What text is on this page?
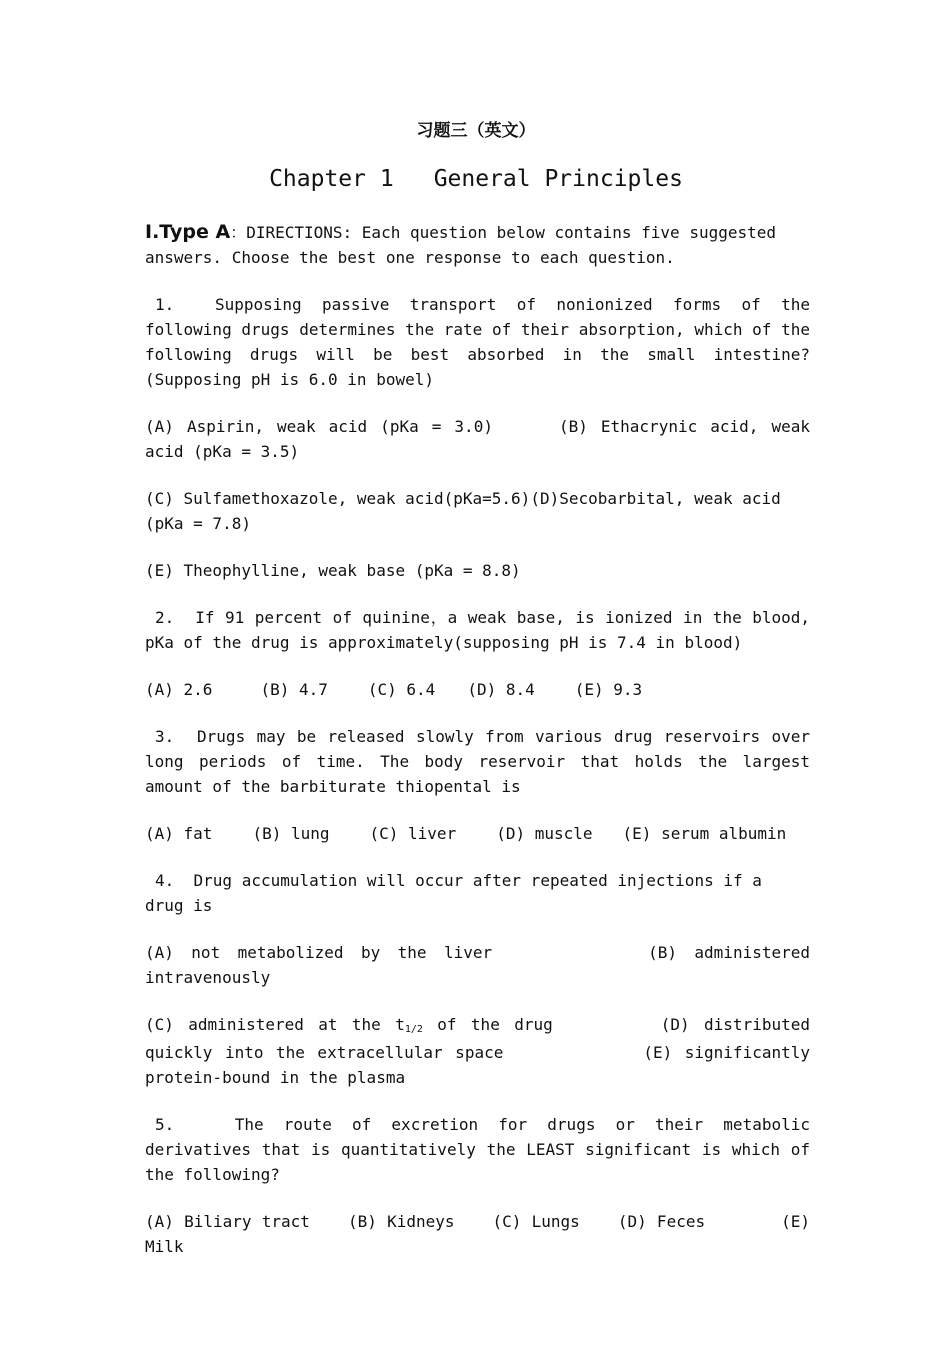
习题三（英文）
Chapter 1 General Principles

I.Type A：DIRECTIONS: Each question below contains five suggested answers. Choose the best one response to each question.

1.	Supposing passive transport of nonionized forms of the following drugs determines the rate of their absorption, which of the following drugs will be best absorbed in the small intestine?(Supposing pH is 6.0 in bowel)

(A) Aspirin, weak acid (pKa = 3.0)	(B) Ethacrynic acid, weak acid (pKa = 3.5)

(C) Sulfamethoxazole, weak acid(pKa=5.6)(D)Secobarbital, weak acid (pKa = 7.8)

(E) Theophylline, weak base (pKa = 8.8)

2. If 91 percent of quinine，a weak base, is ionized in the blood, pKa of the drug is approximately(supposing pH is 7.4 in blood)

(A) 2.6	(B) 4.7	(C) 6.4 (D) 8.4	(E) 9.3

3. Drugs may be released slowly from various drug reservoirs over long periods of time. The body reservoir that holds the largest amount of the barbiturate thiopental is

(A) fat	(B) lung	(C) liver	(D) muscle (E) serum albumin

4. Drug accumulation will occur after repeated injections if a drug is

(A) not metabolized by the liver	(B) administered intravenously

(C) administered at the $t_{1/2}$ of the drug	(D) distributed quickly into the extracellular space	(E) significantly protein-bound in the plasma

5.	The route of excretion for drugs or their metabolic derivatives that is quantitatively the LEAST significant is which of the following?

(A) Biliary tract (B) Kidneys (C) Lungs (D) Feces	(E) Milk
